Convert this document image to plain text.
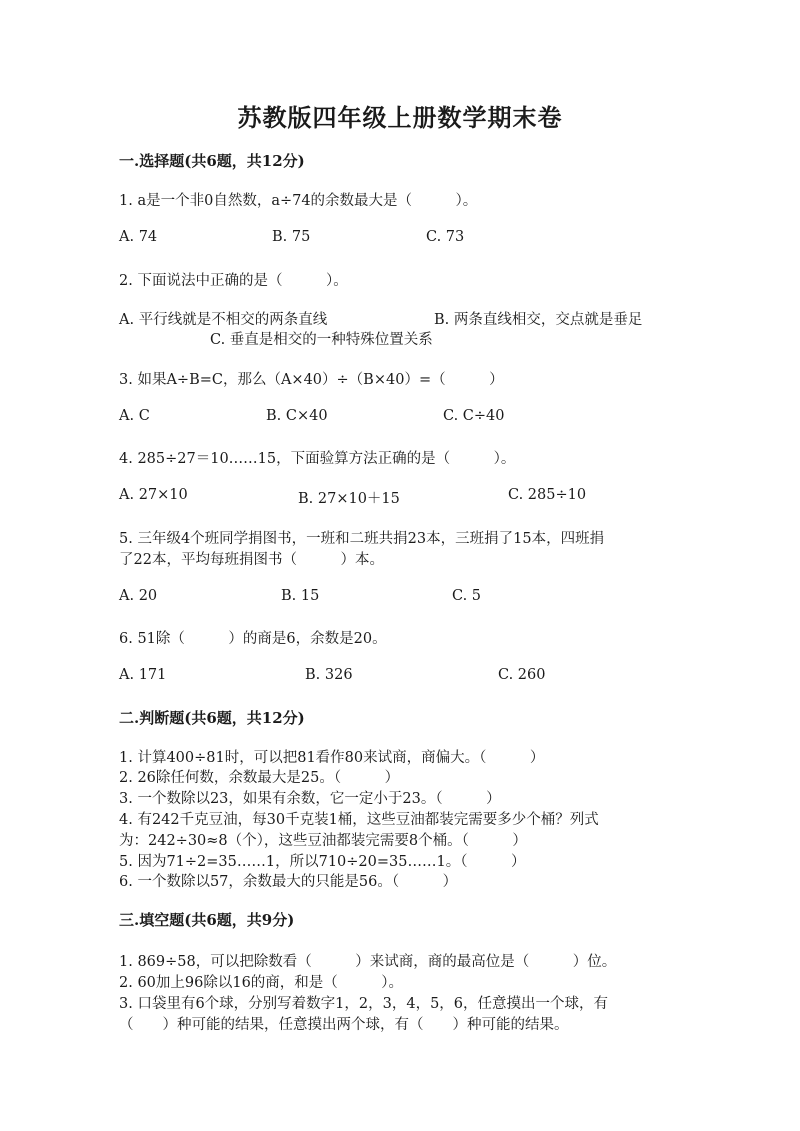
苏教版四年级上册数学期末卷
一.选择题(共6题，共12分)
1. a是一个非0自然数，a÷74的余数最大是（　　　）。
A. 74	B. 75	C. 73
2. 下面说法中正确的是（　　　）。
A. 平行线就是不相交的两条直线	B. 两条直线相交，交点就是垂足
C. 垂直是相交的一种特殊位置关系
3. 如果A÷B=C，那么（A×40）÷（B×40）=（　　　）
A. C	B. C×40	C. C÷40
4. 285÷27＝10……15，下面验算方法正确的是（　　　）。
A. 27×10	B. 27×10＋15	C. 285÷10
5. 三年级4个班同学捐图书，一班和二班共捐23本，三班捐了15本，四班捐
了22本，平均每班捐图书（　　　）本。
A. 20	B. 15	C. 5
6. 51除（　　　）的商是6，余数是20。
A. 171	B. 326	C. 260
二.判断题(共6题，共12分)
1. 计算400÷81时，可以把81看作80来试商，商偏大。（　　　）
2. 26除任何数，余数最大是25。（　　　）
3. 一个数除以23，如果有余数，它一定小于23。（　　　）
4. 有242千克豆油，每30千克装1桶，这些豆油都装完需要多少个桶？列式
为：242÷30≈8（个），这些豆油都装完需要8个桶。（　　　）
5. 因为71÷2=35……1，所以710÷20=35……1。（　　　）
6. 一个数除以57，余数最大的只能是56。（　　　）
三.填空题(共6题，共9分)
1. 869÷58，可以把除数看（　　　）来试商，商的最高位是（　　　）位。
2. 60加上96除以16的商，和是（　　　）。
3. 口袋里有6个球，分别写着数字1，2，3，4，5，6，任意摸出一个球，有
（　　）种可能的结果，任意摸出两个球，有（　　）种可能的结果。
